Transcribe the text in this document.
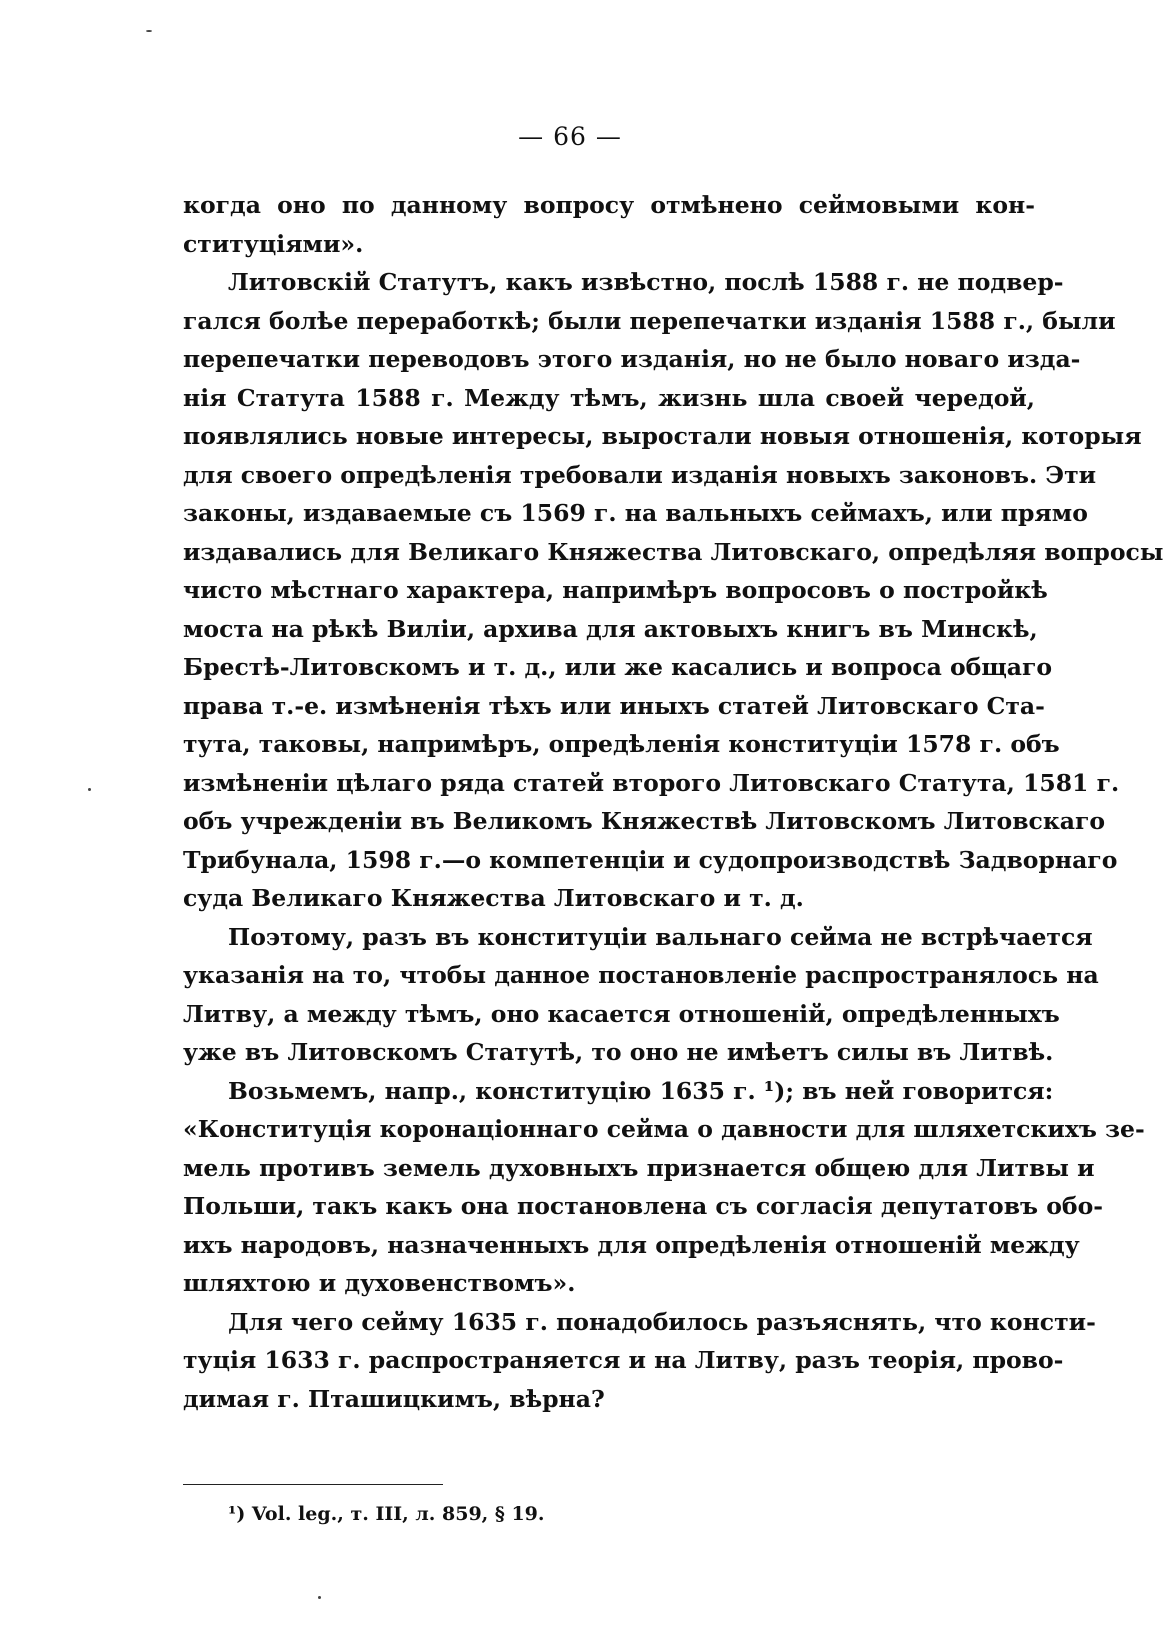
— 66 —
когда оно по данному вопросу отмѣнено сеймовыми кон-
ституціями».
Литовскій Статутъ, какъ извѣстно, послѣ 1588 г. не подвер-
гался болѣе переработкѣ; были перепечатки изданія 1588 г., были
перепечатки переводовъ этого изданія, но не было новаго изда-
нія Статута 1588 г. Между тѣмъ, жизнь шла своей чередой,
появлялись новые интересы, выростали новыя отношенія, которыя
для своего опредѣленія требовали изданія новыхъ законовъ. Эти
законы, издаваемые съ 1569 г. на вальныхъ сеймахъ, или прямо
издавались для Великаго Княжества Литовскаго, опредѣляя вопросы
чисто мѣстнаго характера, напримѣръ вопросовъ о постройкѣ
моста на рѣкѣ Виліи, архива для актовыхъ книгъ въ Минскѣ,
Брестѣ-Литовскомъ и т. д., или же касались и вопроса общаго
права т.-е. измѣненія тѣхъ или иныхъ статей Литовскаго Ста-
тута, таковы, напримѣръ, опредѣленія конституціи 1578 г. объ
измѣненіи цѣлаго ряда статей второго Литовскаго Статута, 1581 г.
объ учрежденіи въ Великомъ Княжествѣ Литовскомъ Литовскаго
Трибунала, 1598 г.—о компетенціи и судопроизводствѣ Задворнаго
суда Великаго Княжества Литовскаго и т. д.
Поэтому, разъ въ конституціи вальнаго сейма не встрѣчается
указанія на то, чтобы данное постановленіе распространялось на
Литву, а между тѣмъ, оно касается отношеній, опредѣленныхъ
уже въ Литовскомъ Статутѣ, то оно не имѣетъ силы въ Литвѣ.
Возьмемъ, напр., конституцію 1635 г. ¹); въ ней говорится:
«Конституція коронаціоннаго сейма о давности для шляхетскихъ зе-
мель противъ земель духовныхъ признается общею для Литвы и
Польши, такъ какъ она постановлена съ согласія депутатовъ обо-
ихъ народовъ, назначенныхъ для опредѣленія отношеній между
шляхтою и духовенствомъ».
Для чего сейму 1635 г. понадобилось разъяснять, что консти-
туція 1633 г. распространяется и на Литву, разъ теорія, прово-
димая г. Пташицкимъ, вѣрна?
¹) Vol. leg., т. III, л. 859, § 19.
